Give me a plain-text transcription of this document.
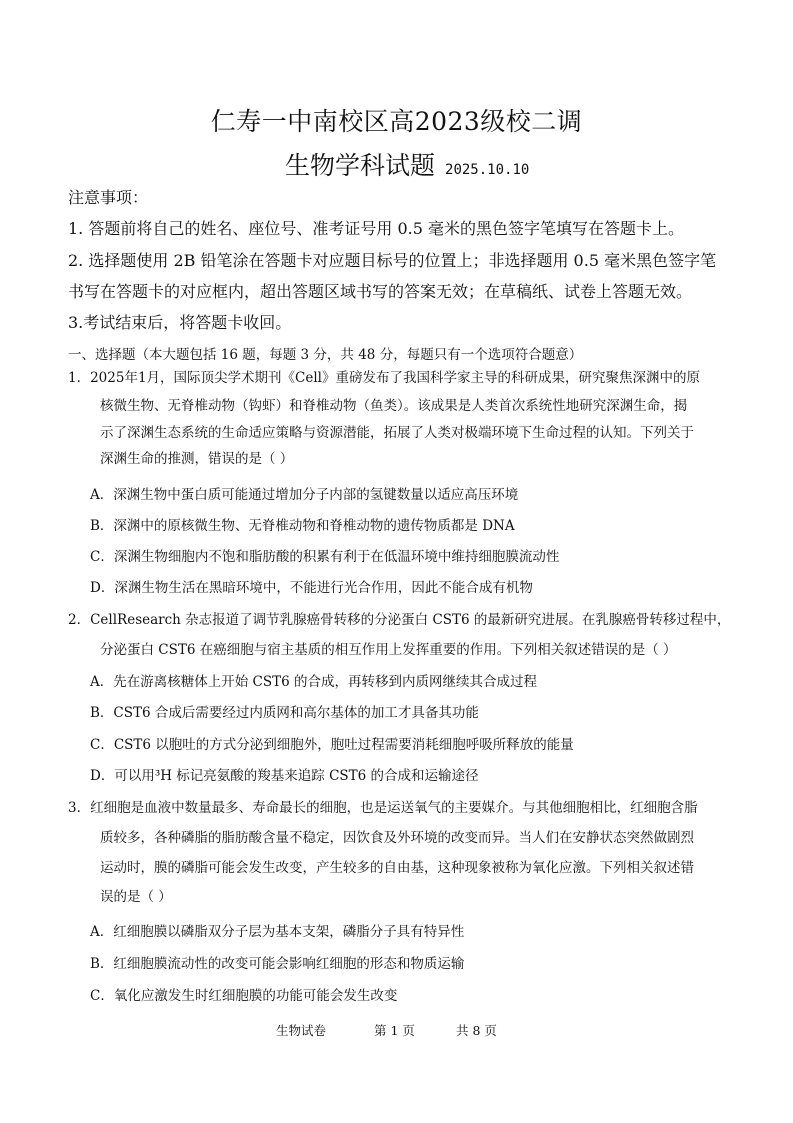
仁寿一中南校区高2023级校二调
生物学科试题 2025.10.10
注意事项：
1. 答题前将自己的姓名、座位号、准考证号用 0.5 毫米的黑色签字笔填写在答题卡上。
2. 选择题使用 2B 铅笔涂在答题卡对应题目标号的位置上；非选择题用 0.5 毫米黑色签字笔
书写在答题卡的对应框内，超出答题区域书写的答案无效；在草稿纸、试卷上答题无效。
3.考试结束后，将答题卡收回。
一、选择题（本大题包括 16 题，每题 3 分，共 48 分，每题只有一个选项符合题意）
1．2025年1月，国际顶尖学术期刊《Cell》重磅发布了我国科学家主导的科研成果，研究聚焦深渊中的原
核微生物、无脊椎动物（钩虾）和脊椎动物（鱼类）。该成果是人类首次系统性地研究深渊生命，揭
示了深渊生态系统的生命适应策略与资源潜能，拓展了人类对极端环境下生命过程的认知。下列关于
深渊生命的推测，错误的是（ ）
A．深渊生物中蛋白质可能通过增加分子内部的氢键数量以适应高压环境
B．深渊中的原核微生物、无脊椎动物和脊椎动物的遗传物质都是 DNA
C．深渊生物细胞内不饱和脂肪酸的积累有利于在低温环境中维持细胞膜流动性
D．深渊生物生活在黑暗环境中，不能进行光合作用，因此不能合成有机物
2．CellResearch 杂志报道了调节乳腺癌骨转移的分泌蛋白 CST6 的最新研究进展。在乳腺癌骨转移过程中，
分泌蛋白 CST6 在癌细胞与宿主基质的相互作用上发挥重要的作用。下列相关叙述错误的是（ ）
A．先在游离核糖体上开始 CST6 的合成，再转移到内质网继续其合成过程
B．CST6 合成后需要经过内质网和高尔基体的加工才具备其功能
C．CST6 以胞吐的方式分泌到细胞外，胞吐过程需要消耗细胞呼吸所释放的能量
D．可以用³H 标记亮氨酸的羧基来追踪 CST6 的合成和运输途径
3．红细胞是血液中数量最多、寿命最长的细胞，也是运送氧气的主要媒介。与其他细胞相比，红细胞含脂
质较多，各种磷脂的脂肪酸含量不稳定，因饮食及外环境的改变而异。当人们在安静状态突然做剧烈
运动时，膜的磷脂可能会发生改变，产生较多的自由基，这种现象被称为氧化应激。下列相关叙述错
误的是（ ）
A．红细胞膜以磷脂双分子层为基本支架，磷脂分子具有特异性
B．红细胞膜流动性的改变可能会影响红细胞的形态和物质运输
C．氧化应激发生时红细胞膜的功能可能会发生改变
生物试卷	第 1 页	共 8 页
